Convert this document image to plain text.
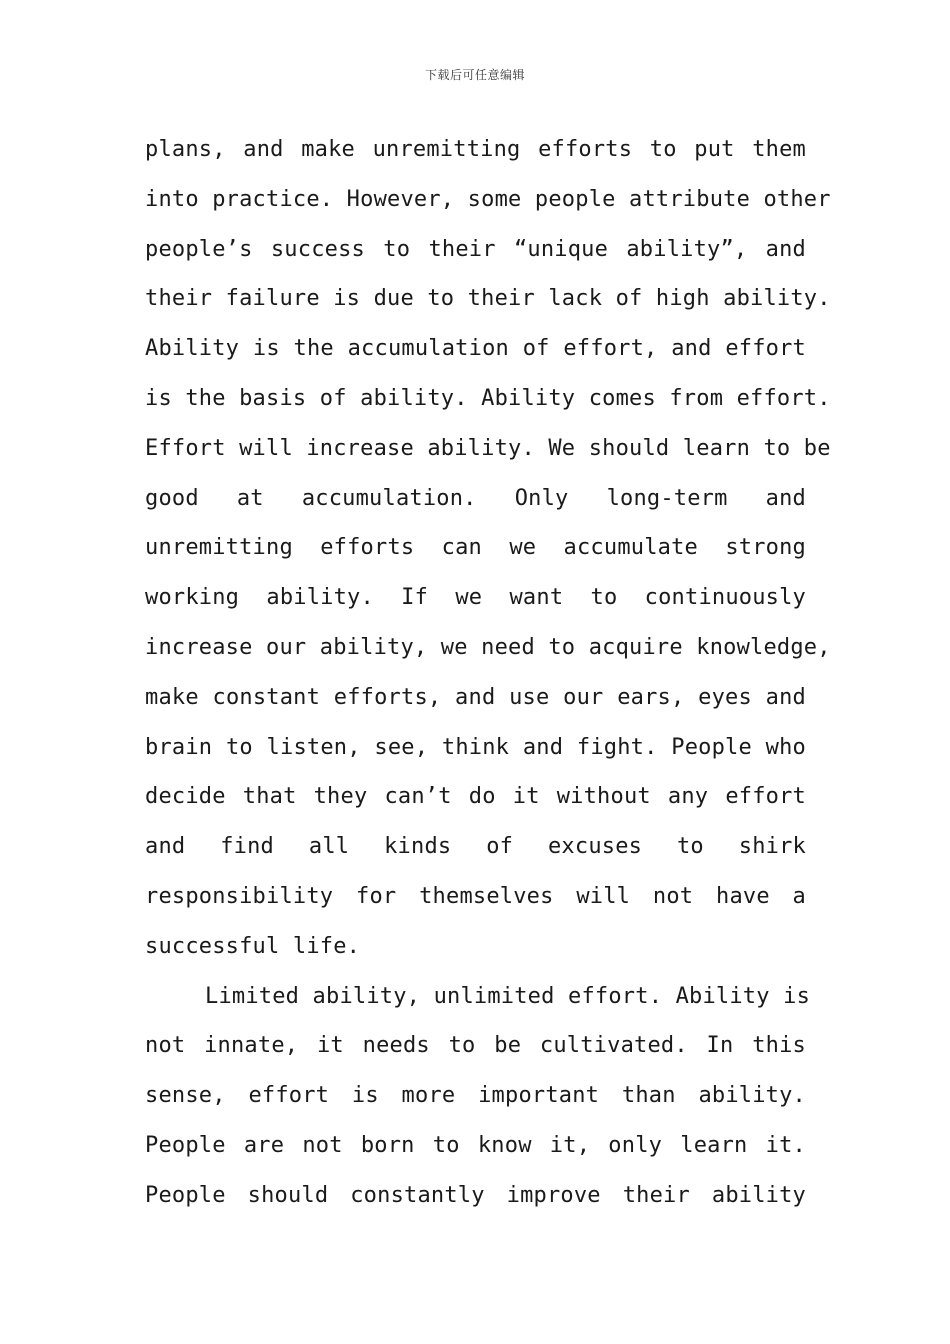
下载后可任意编辑
plans, and make unremitting efforts to put them
into practice. However, some people attribute other
people’s success to their “unique ability”, and
their failure is due to their lack of high ability.
Ability is the accumulation of effort, and effort
is the basis of ability. Ability comes from effort.
Effort will increase ability. We should learn to be
good at accumulation. Only long-term and
unremitting efforts can we accumulate strong
working ability. If we want to continuously
increase our ability, we need to acquire knowledge,
make constant efforts, and use our ears, eyes and
brain to listen, see, think and fight. People who
decide that they can’t do it without any effort
and find all kinds of excuses to shirk
responsibility for themselves will not have a
successful life.
Limited ability, unlimited effort. Ability is
not innate, it needs to be cultivated. In this
sense, effort is more important than ability.
People are not born to know it, only learn it.
People should constantly improve their ability
